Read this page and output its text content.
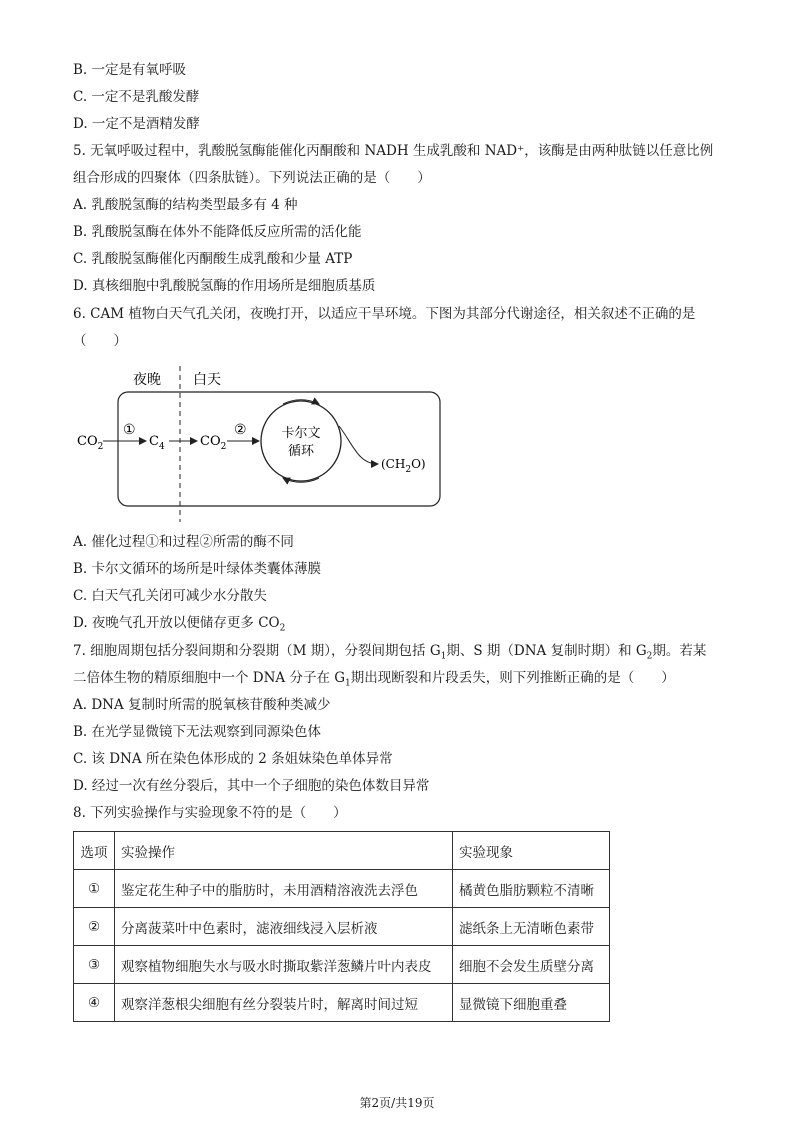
B. 一定是有氧呼吸
C. 一定不是乳酸发酵
D. 一定不是酒精发酵
5. 无氧呼吸过程中，乳酸脱氢酶能催化丙酮酸和 NADH 生成乳酸和 NAD⁺，该酶是由两种肽链以任意比例
组合形成的四聚体（四条肽链）。下列说法正确的是（　　）
A. 乳酸脱氢酶的结构类型最多有 4 种
B. 乳酸脱氢酶在体外不能降低反应所需的活化能
C. 乳酸脱氢酶催化丙酮酸生成乳酸和少量 ATP
D. 真核细胞中乳酸脱氢酶的作用场所是细胞质基质
6. CAM 植物白天气孔关闭，夜晚打开，以适应干旱环境。下图为其部分代谢途径，相关叙述不正确的是
（　　）
夜晚 白天
$CO_2$
①
$C_4$	$CO_2$
②	卡尔文
循环
$(CH_2O)$
A. 催化过程①和过程②所需的酶不同
B. 卡尔文循环的场所是叶绿体类囊体薄膜
C. 白天气孔关闭可减少水分散失
D. 夜晚气孔开放以便储存更多 $CO_2$
7. 细胞周期包括分裂间期和分裂期（M 期），分裂间期包括 $G_1$期、S 期（DNA 复制时期）和 $G_2$期。若某
二倍体生物的精原细胞中一个 DNA 分子在 $G_1$期出现断裂和片段丢失，则下列推断正确的是（　　）
A. DNA 复制时所需的脱氧核苷酸种类减少
B. 在光学显微镜下无法观察到同源染色体
C. 该 DNA 所在染色体形成的 2 条姐妹染色单体异常
D. 经过一次有丝分裂后，其中一个子细胞的染色体数目异常
8. 下列实验操作与实验现象不符的是（　　）
选项	实验操作	实验现象
①	鉴定花生种子中的脂肪时，未用酒精溶液洗去浮色	橘黄色脂肪颗粒不清晰
②	分离菠菜叶中色素时，滤液细线浸入层析液	滤纸条上无清晰色素带
③	观察植物细胞失水与吸水时撕取紫洋葱鳞片叶内表皮	细胞不会发生质壁分离
④	观察洋葱根尖细胞有丝分裂装片时，解离时间过短	显微镜下细胞重叠
第2页/共19页
